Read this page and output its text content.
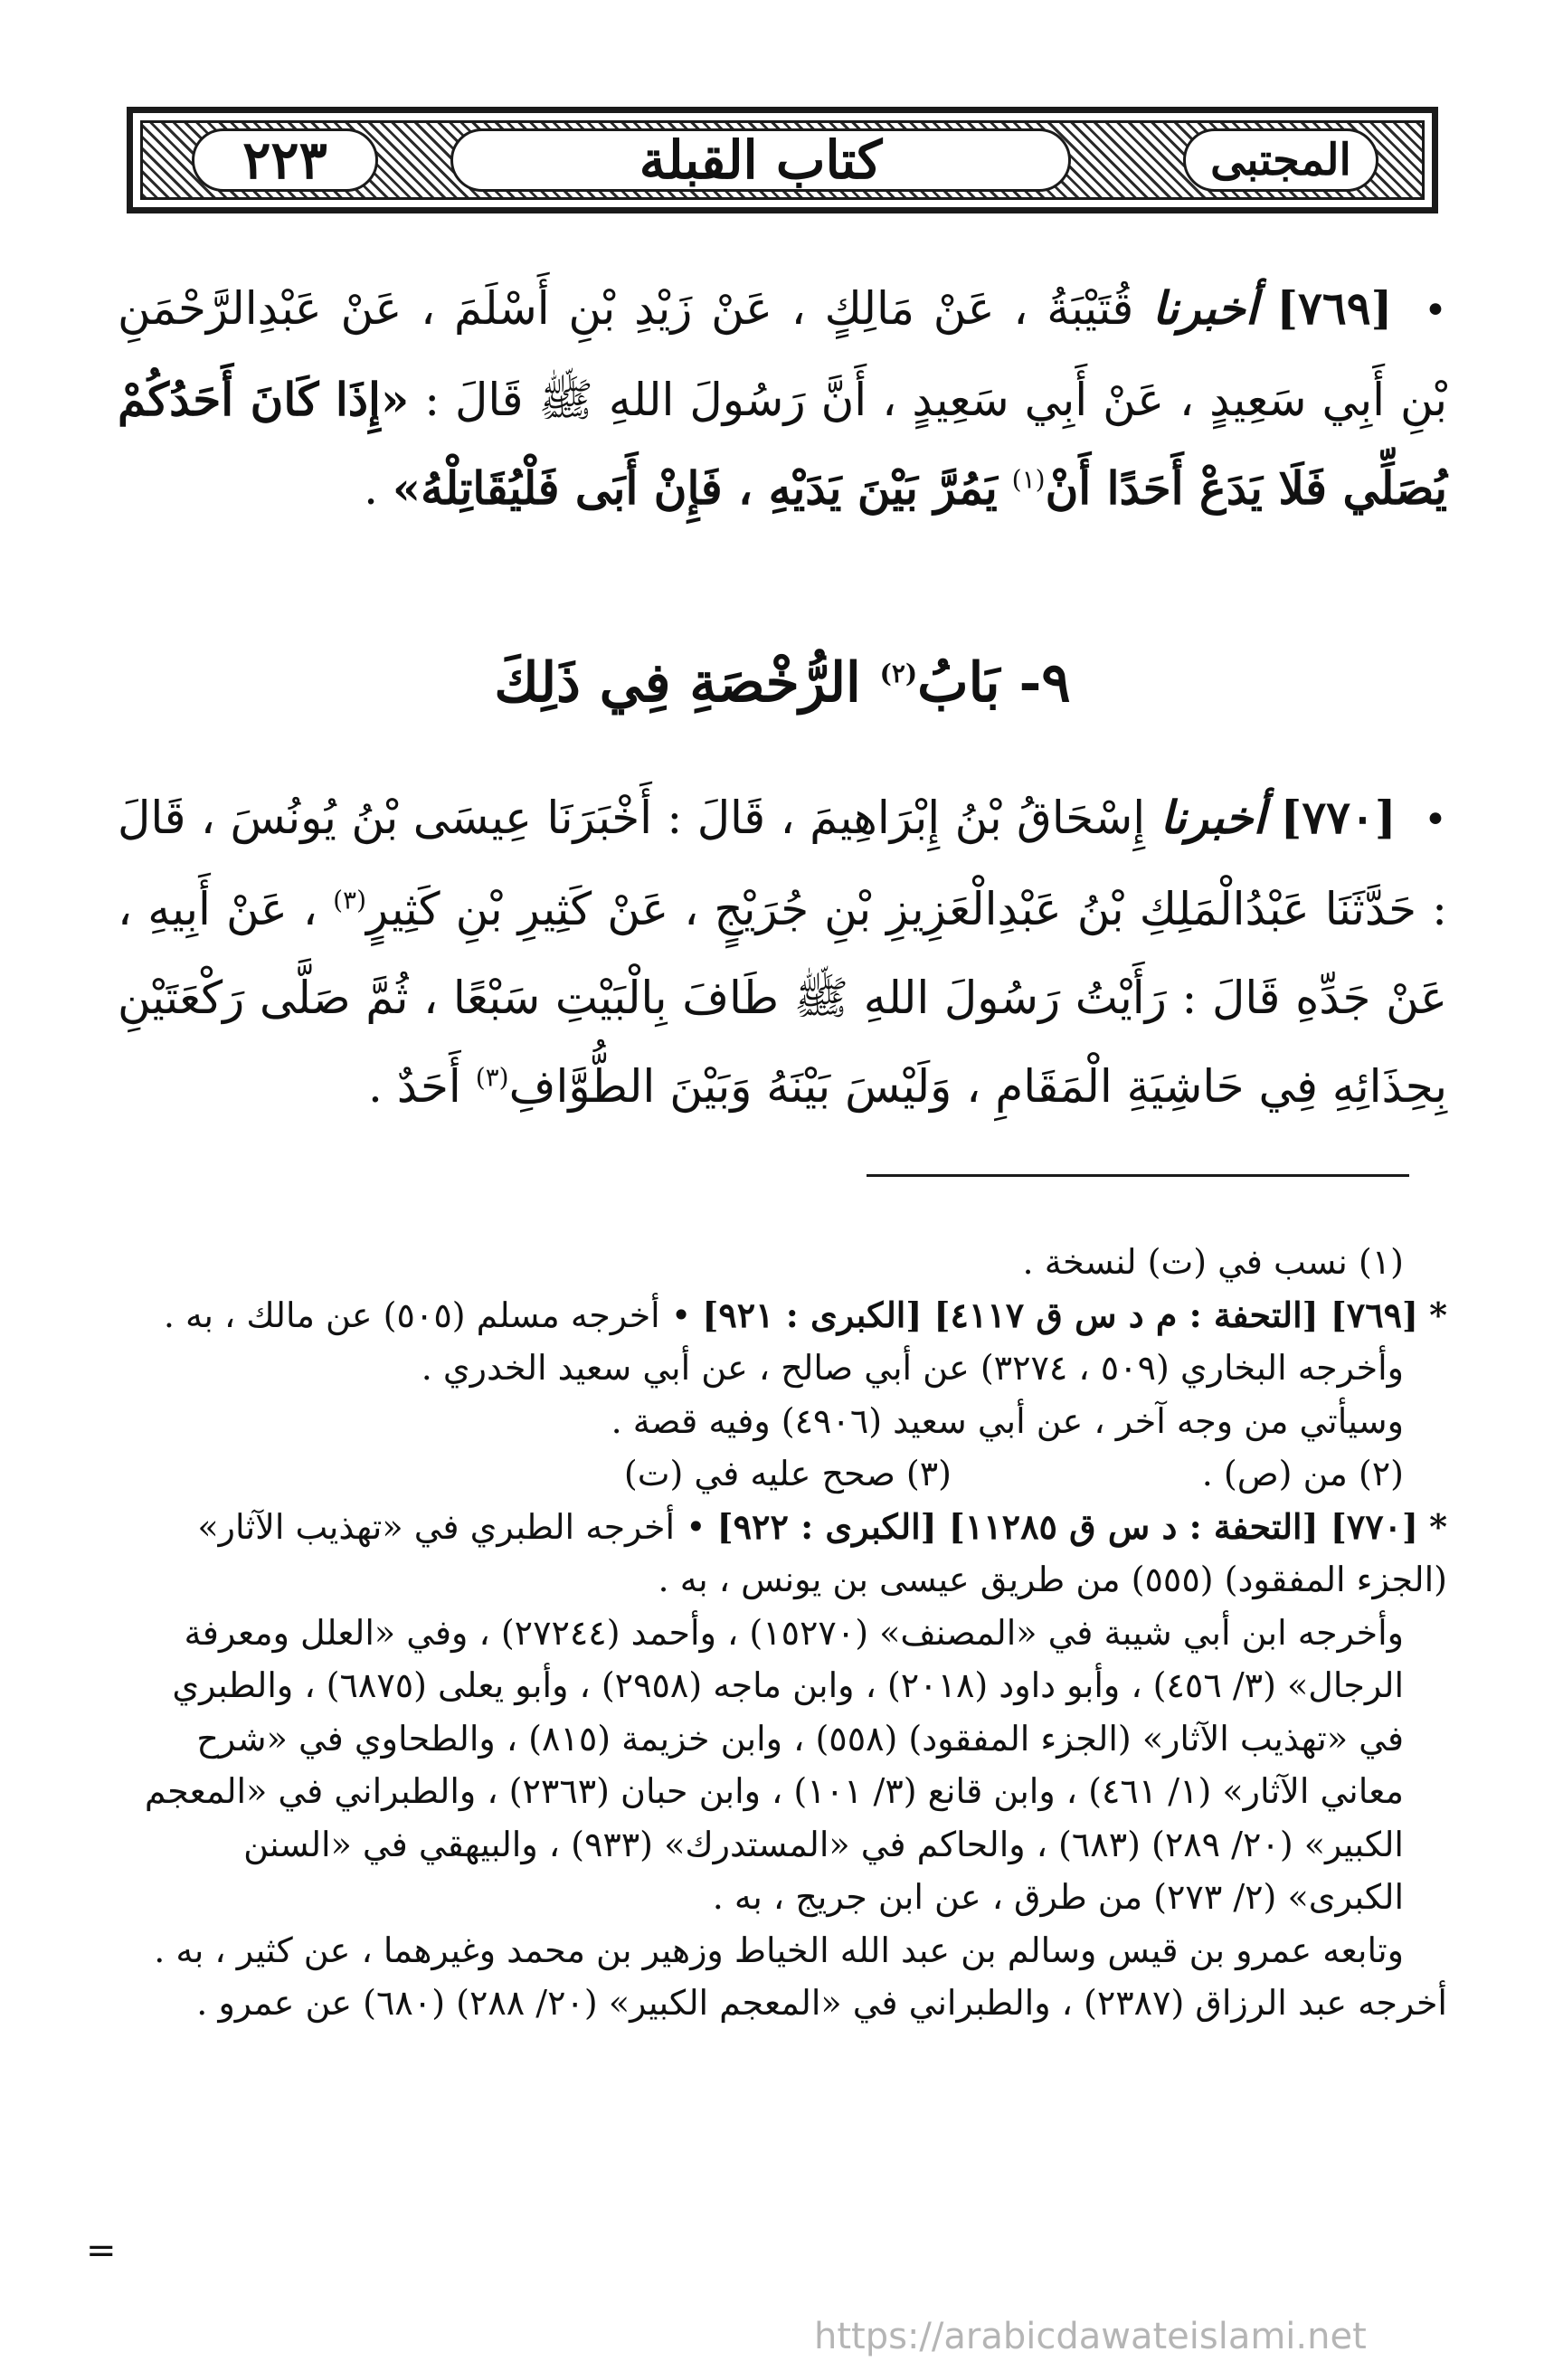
٢٢٣	كتاب القبلة	المجتبى

• [٧٦٩] أخبرنا قُتَيْبَةُ ، عَنْ مَالِكٍ ، عَنْ زَيْدِ بْنِ أَسْلَمَ ، عَنْ عَبْدِالرَّحْمَنِ بْنِ أَبِي سَعِيدٍ ، عَنْ أَبِي سَعِيدٍ ، أَنَّ رَسُولَ اللهِ ﷺ قَالَ : «إِذَا كَانَ أَحَدُكُمْ يُصَلِّي فَلَا يَدَعْ أَحَدًا أَنْ$^{(١)}$ يَمُرَّ بَيْنَ يَدَيْهِ ، فَإِنْ أَبَى فَلْيُقَاتِلْهُ» .

٩- بَابُ$^{(٢)}$ الرُّخْصَةِ فِي ذَلِكَ

• [٧٧٠] أخبرنا إِسْحَاقُ بْنُ إِبْرَاهِيمَ ، قَالَ : أَخْبَرَنَا عِيسَى بْنُ يُونُسَ ، قَالَ : حَدَّثَنَا عَبْدُالْمَلِكِ بْنُ عَبْدِالْعَزِيزِ بْنِ جُرَيْجٍ ، عَنْ كَثِيرِ بْنِ كَثِيرٍ$^{(٣)}$ ، عَنْ أَبِيهِ ، عَنْ جَدِّهِ قَالَ : رَأَيْتُ رَسُولَ اللهِ ﷺ طَافَ بِالْبَيْتِ سَبْعًا ، ثُمَّ صَلَّى رَكْعَتَيْنِ بِحِذَائِهِ فِي حَاشِيَةِ الْمَقَامِ ، وَلَيْسَ بَيْنَهُ وَبَيْنَ الطُّوَّافِ$^{(٣)}$ أَحَدٌ .

(١) نسب في (ت) لنسخة .

* [٧٦٩] [التحفة : م د س ق ٤١١٧] [الكبرى : ٩٢١] • أخرجه مسلم (٥٠٥) عن مالك ، به .

وأخرجه البخاري (٥٠٩ ، ٣٢٧٤) عن أبي صالح ، عن أبي سعيد الخدري .

وسيأتي من وجه آخر ، عن أبي سعيد (٤٩٠٦) وفيه قصة .

(٢) من (ص) .
(٣) صحح عليه في (ت)

* [٧٧٠] [التحفة : د س ق ١١٢٨٥] [الكبرى : ٩٢٢] • أخرجه الطبري في «تهذيب الآثار» (الجزء المفقود) (٥٥٥) من طريق عيسى بن يونس ، به .

وأخرجه ابن أبي شيبة في «المصنف» (١٥٢٧٠) ، وأحمد (٢٧٢٤٤) ، وفي «العلل ومعرفة الرجال» (٣/ ٤٥٦) ، وأبو داود (٢٠١٨) ، وابن ماجه (٢٩٥٨) ، وأبو يعلى (٦٨٧٥) ، والطبري في «تهذيب الآثار» (الجزء المفقود) (٥٥٨) ، وابن خزيمة (٨١٥) ، والطحاوي في «شرح معاني الآثار» (١/ ٤٦١) ، وابن قانع (٣/ ١٠١) ، وابن حبان (٢٣٦٣) ، والطبراني في «المعجم الكبير» (٢٠/ ٢٨٩) (٦٨٣) ، والحاكم في «المستدرك» (٩٣٣) ، والبيهقي في «السنن الكبرى» (٢/ ٢٧٣) من طرق ، عن ابن جريج ، به .

وتابعه عمرو بن قيس وسالم بن عبد الله الخياط وزهير بن محمد وغيرهما ، عن كثير ، به .

أخرجه عبد الرزاق (٢٣٨٧) ، والطبراني في «المعجم الكبير» (٢٠/ ٢٨٨) (٦٨٠) عن عمرو .

=
https://arabicdawateislami.net
